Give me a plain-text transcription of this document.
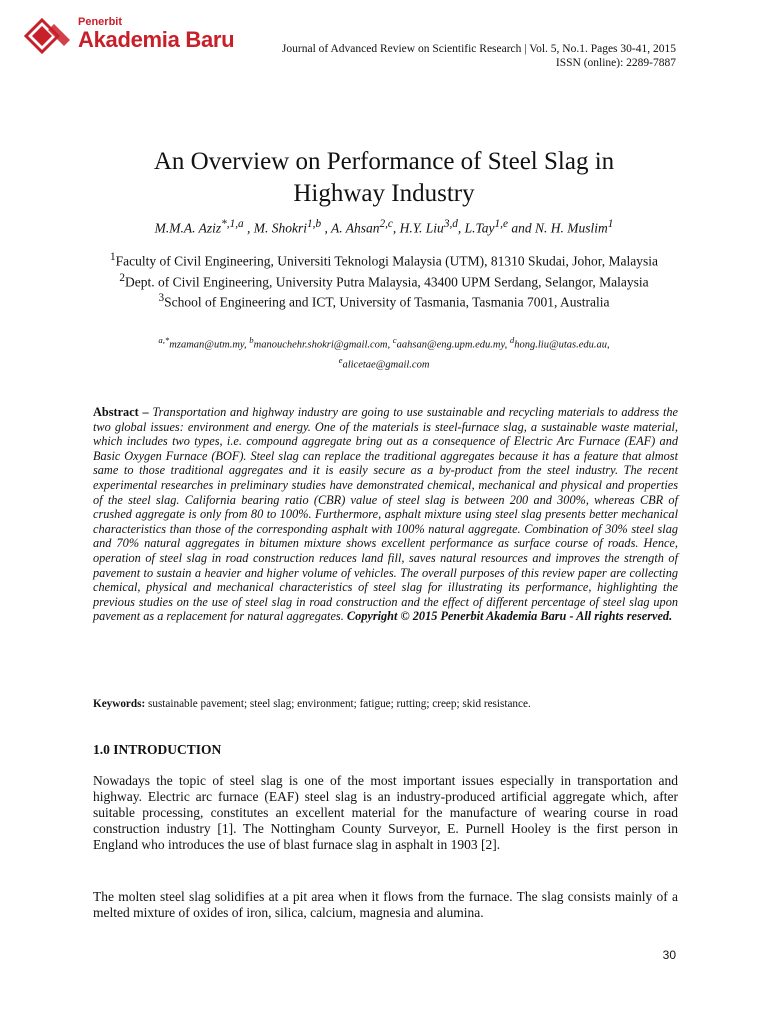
Penerbit
Akademia Baru	Journal of Advanced Review on Scientific Research | Vol. 5, No.1. Pages 30-41, 2015
ISSN (online): 2289-7887
An Overview on Performance of Steel Slag in
Highway Industry
M.M.A. Aziz$^{*,1,a}$ , M. Shokri$^{1,b}$ , A. Ahsan$^{2,c}$, H.Y. Liu$^{3,d}$, L.Tay$^{1,e}$ and N. H. Muslim$^1$

$^1$Faculty of Civil Engineering, Universiti Teknologi Malaysia (UTM), 81310 Skudai, Johor, Malaysia

$^2$Dept. of Civil Engineering, University Putra Malaysia, 43400 UPM Serdang, Selangor, Malaysia

$^3$School of Engineering and ICT, University of Tasmania, Tasmania 7001, Australia

$^{a,*}$mzaman@utm.my, $^b$manouchehr.shokri@gmail.com, $^c$aahsan@eng.upm.edu.my, $^d$hong.liu@utas.edu.au,

$^e$alicetae@gmail.com

Abstract – Transportation and highway industry are going to use sustainable and recycling materials to address the two global issues: environment and energy. One of the materials is steel-furnace slag, a sustainable waste material, which includes two types, i.e. compound aggregate bring out as a consequence of Electric Arc Furnace (EAF) and Basic Oxygen Furnace (BOF). Steel slag can replace the traditional aggregates because it has a feature that almost same to those traditional aggregates and it is easily secure as a by-product from the steel industry. The recent experimental researches in preliminary studies have demonstrated chemical, mechanical and physical and properties of the steel slag. California bearing ratio (CBR) value of steel slag is between 200 and 300%, whereas CBR of crushed aggregate is only from 80 to 100%. Furthermore, asphalt mixture using steel slag presents better mechanical characteristics than those of the corresponding asphalt with 100% natural aggregate. Combination of 30% steel slag and 70% natural aggregates in bitumen mixture shows excellent performance as surface course of roads. Hence, operation of steel slag in road construction reduces land fill, saves natural resources and improves the strength of pavement to sustain a heavier and higher volume of vehicles. The overall purposes of this review paper are collecting chemical, physical and mechanical characteristics of steel slag for illustrating its performance, highlighting the previous studies on the use of steel slag in road construction and the effect of different percentage of steel slag upon pavement as a replacement for natural aggregates. Copyright © 2015 Penerbit Akademia Baru - All rights reserved.
Keywords: sustainable pavement; steel slag; environment; fatigue; rutting; creep; skid resistance.
1.0 INTRODUCTION

Nowadays the topic of steel slag is one of the most important issues especially in transportation and highway. Electric arc furnace (EAF) steel slag is an industry-produced artificial aggregate which, after suitable processing, constitutes an excellent material for the manufacture of wearing course in road construction industry [1]. The Nottingham County Surveyor, E. Purnell Hooley is the first person in England who introduces the use of blast furnace slag in asphalt in 1903 [2].

The molten steel slag solidifies at a pit area when it flows from the furnace. The slag consists mainly of a melted mixture of oxides of iron, silica, calcium, magnesia and alumina.

30
